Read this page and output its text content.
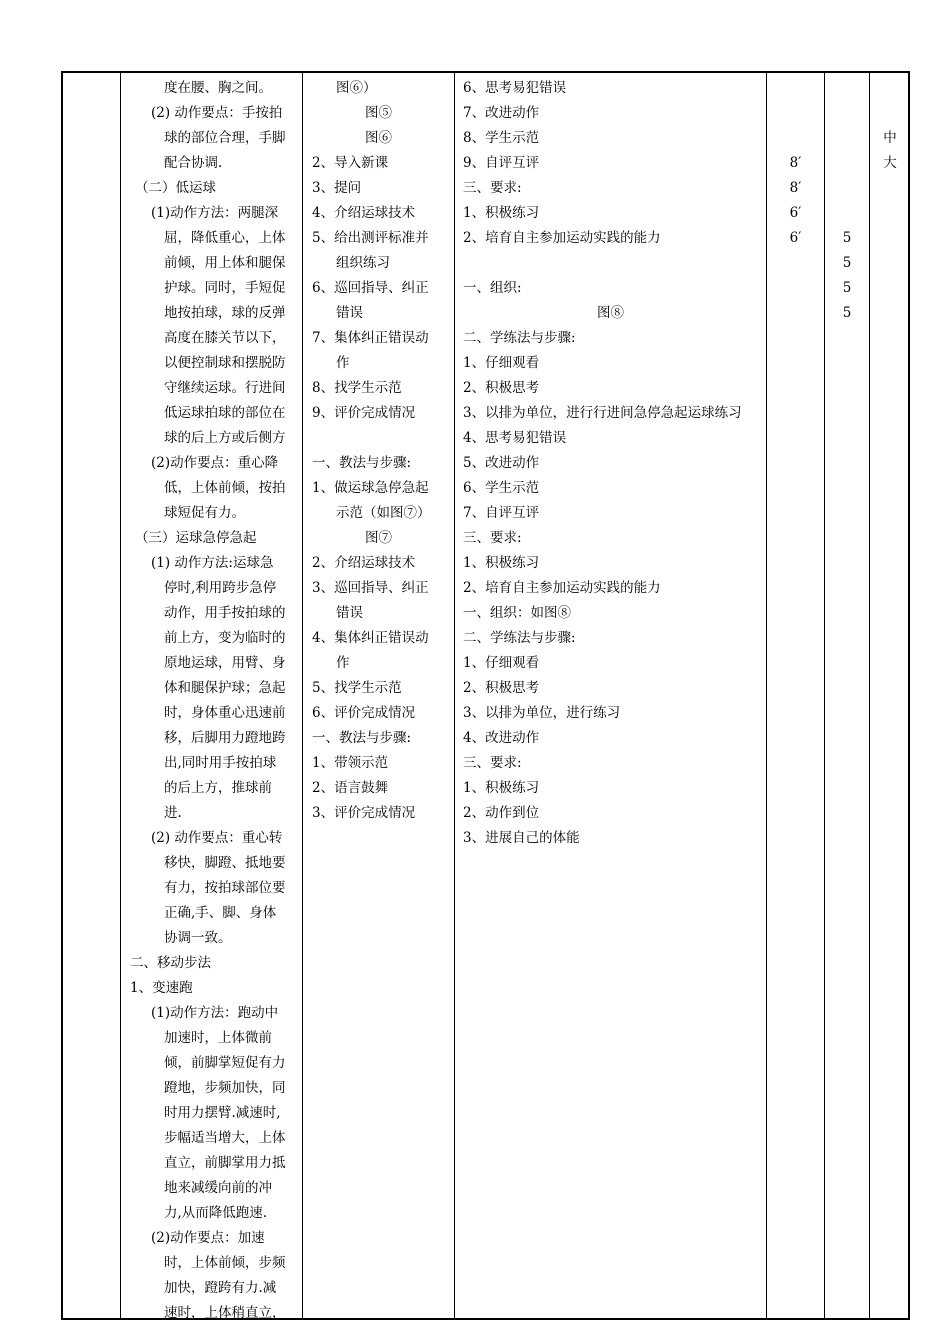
度在腰、胸之间。
(2) 动作要点：手按拍
球的部位合理，手脚
配合协调.
（二）低运球
(1)动作方法：两腿深
屈，降低重心，上体
前倾，用上体和腿保
护球。同时，手短促
地按拍球，球的反弹
高度在膝关节以下，
以便控制球和摆脱防
守继续运球。行进间
低运球拍球的部位在
球的后上方或后侧方
(2)动作要点：重心降
低，上体前倾，按拍
球短促有力。
（三）运球急停急起
(1) 动作方法:运球急
停时,利用跨步急停
动作，用手按拍球的
前上方，变为临时的
原地运球，用臂、身
体和腿保护球；急起
时，身体重心迅速前
移，后脚用力蹬地跨
出,同时用手按拍球
的后上方，推球前
进.
(2) 动作要点：重心转
移快，脚蹬、抵地要
有力，按拍球部位要
正确,手、脚、身体
协调一致。
二、移动步法
1、变速跑
(1)动作方法：跑动中
加速时，上体微前
倾，前脚掌短促有力
蹬地，步频加快，同
时用力摆臂.减速时,
步幅适当增大，上体
直立，前脚掌用力抵
地来减缓向前的冲
力,从而降低跑速.
(2)动作要点：加速
时，上体前倾，步频
加快，蹬跨有力.减
速时，上体稍直立，
图⑥）
图⑤
图⑥
2、导入新课
3、提问
4、介绍运球技术
5、给出测评标准并
组织练习
6、巡回指导、纠正
错误
7、集体纠正错误动
作
8、找学生示范
9、评价完成情况
一、教法与步骤:
1、做运球急停急起
示范（如图⑦）
图⑦
2、介绍运球技术
3、巡回指导、纠正
错误
4、集体纠正错误动
作
5、找学生示范
6、评价完成情况
一、教法与步骤:
1、带领示范
2、语言鼓舞
3、评价完成情况
6、思考易犯错误
7、改进动作
8、学生示范
9、自评互评
三、要求:
1、积极练习
2、培育自主参加运动实践的能力
一、组织:
图⑧
二、学练法与步骤:
1、仔细观看
2、积极思考
3、以排为单位，进行行进间急停急起运球练习
4、思考易犯错误
5、改进动作
6、学生示范
7、自评互评
三、要求:
1、积极练习
2、培育自主参加运动实践的能力
一、组织：如图⑧
二、学练法与步骤:
1、仔细观看
2、积极思考
3、以排为单位，进行练习
4、改进动作
三、要求:
1、积极练习
2、动作到位
3、进展自己的体能
8′
8′
6′
6′	5
5
5
5
中
大
